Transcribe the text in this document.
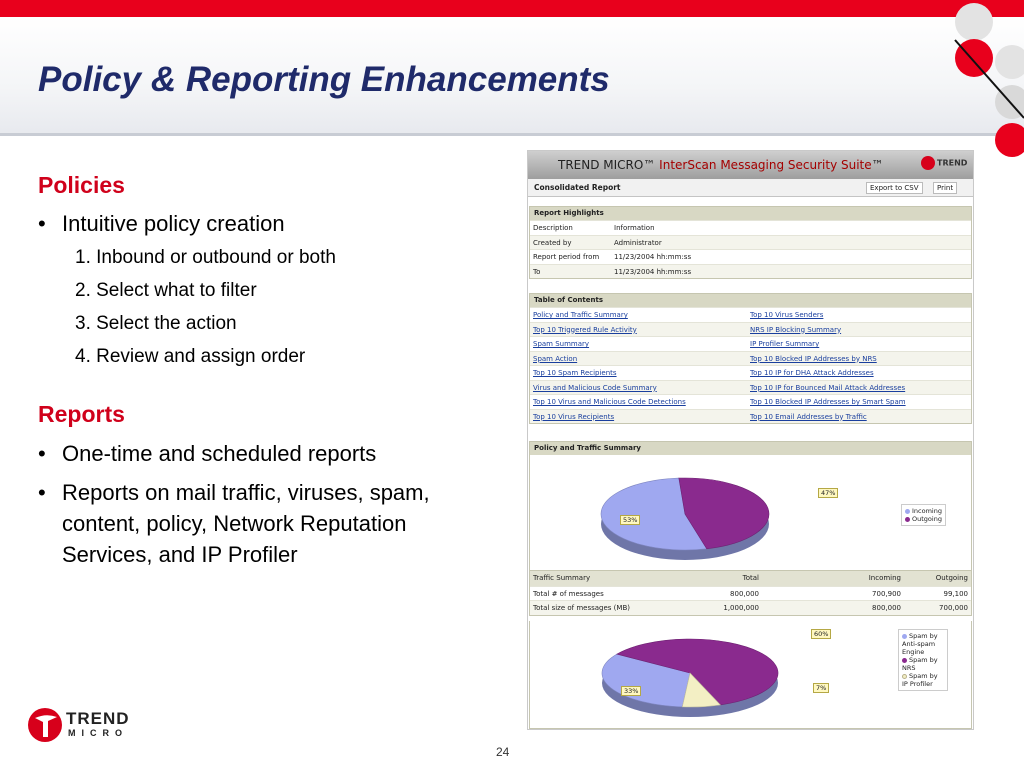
Policy & Reporting Enhancements
Policies
• Intuitive policy creation
1. Inbound or outbound or both
2. Select what to filter
3. Select the action
4. Review and assign order
Reports
• One-time and scheduled reports
• Reports on mail traffic, viruses, spam, content, policy, Network Reputation Services, and IP Profiler
TREND
MICRO
24
TREND MICRO™ InterScan Messaging Security Suite™	TREND
Consolidated Report	Export to CSV	Print
Report Highlights
Description	Information
Created by	Administrator
Report period from 11/23/2004 hh:mm:ss
To	11/23/2004 hh:mm:ss
Table of Contents
Policy and Traffic Summary	Top 10 Virus Senders
Top 10 Triggered Rule Activity	NRS IP Blocking Summary
Spam Summary	IP Profiler Summary
Spam Action	Top 10 Blocked IP Addresses by NRS
Top 10 Spam Recipients	Top 10 IP for DHA Attack Addresses
Virus and Malicious Code Summary	Top 10 IP for Bounced Mail Attack Addresses
Top 10 Virus and Malicious Code Detections	Top 10 Blocked IP Addresses by Smart Spam
Top 10 Virus Recipients	Top 10 Email Addresses by Traffic
Policy and Traffic Summary
53%
47%
Incoming
Outgoing
Traffic Summary	Total	Incoming	Outgoing
Total # of messages	800,000	700,900	99,100
Total size of messages (MB)	1,000,000	800,000	700,000
60%
33%	7%
Spam by Anti-spam Engine
Spam by NRS
Spam by IP Profiler
